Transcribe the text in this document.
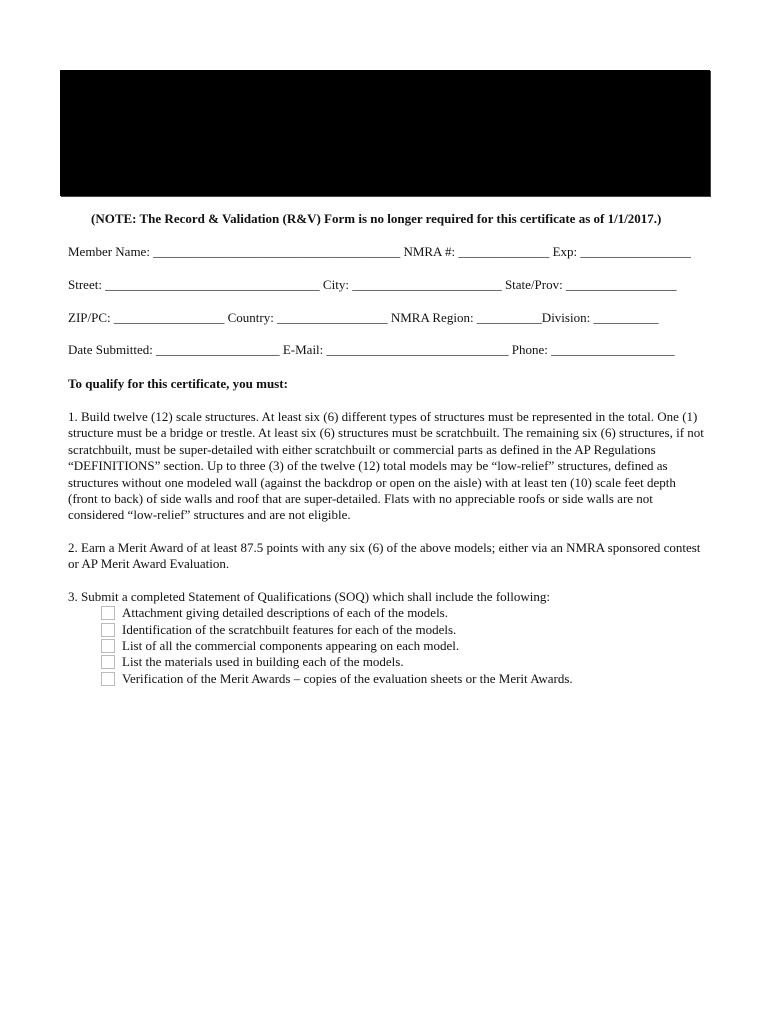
(NOTE: The Record & Validation (R&V) Form is no longer required for this certificate as of 1/1/2017.)
Member Name: ______________________________________ NMRA #: ______________ Exp: _________________
Street: _________________________________ City: _______________________ State/Prov: _________________
ZIP/PC: _________________ Country: _________________ NMRA Region: __________Division: __________
Date Submitted: ___________________ E-Mail: ____________________________ Phone: ___________________
To qualify for this certificate, you must:
1. Build twelve (12) scale structures. At least six (6) different types of structures must be represented in the total. One (1) structure must be a bridge or trestle. At least six (6) structures must be scratchbuilt. The remaining six (6) structures, if not scratchbuilt, must be super-detailed with either scratchbuilt or commercial parts as defined in the AP Regulations “DEFINITIONS” section. Up to three (3) of the twelve (12) total models may be “low-relief” structures, defined as structures without one modeled wall (against the backdrop or open on the aisle) with at least ten (10) scale feet depth (front to back) of side walls and roof that are super-detailed. Flats with no appreciable roofs or side walls are not considered “low-relief” structures and are not eligible.
2. Earn a Merit Award of at least 87.5 points with any six (6) of the above models; either via an NMRA sponsored contest or AP Merit Award Evaluation.
3. Submit a completed Statement of Qualifications (SOQ) which shall include the following:
Attachment giving detailed descriptions of each of the models.
Identification of the scratchbuilt features for each of the models.
List of all the commercial components appearing on each model.
List the materials used in building each of the models.
Verification of the Merit Awards – copies of the evaluation sheets or the Merit Awards.
